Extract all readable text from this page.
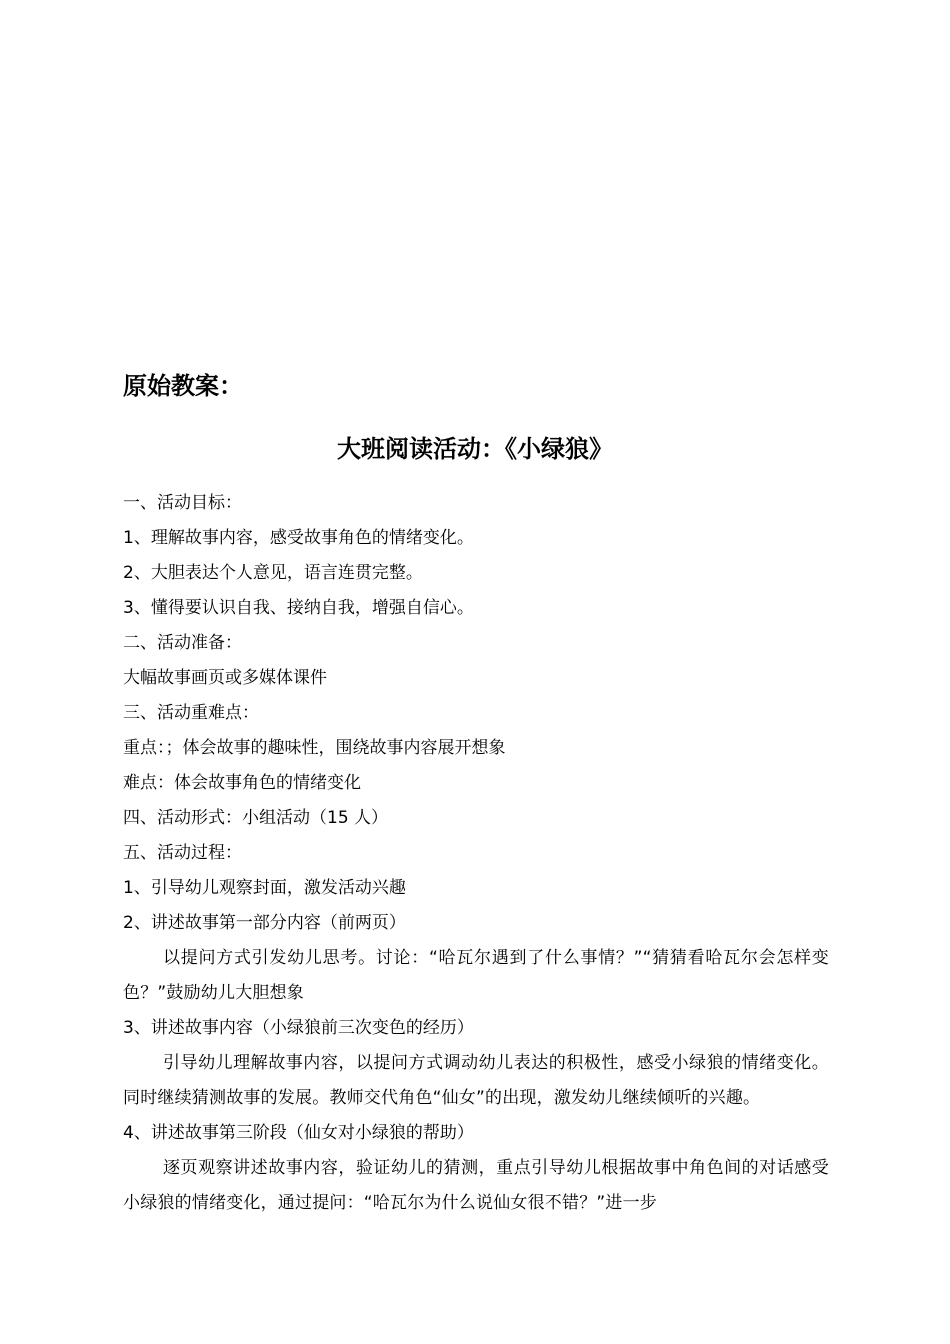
原始教案：

大班阅读活动：《小绿狼》

一、活动目标：

1、理解故事内容，感受故事角色的情绪变化。

2、大胆表达个人意见，语言连贯完整。

3、懂得要认识自我、接纳自我，增强自信心。

二、活动准备：

大幅故事画页或多媒体课件

三、活动重难点：

重点：；体会故事的趣味性，围绕故事内容展开想象

难点：体会故事角色的情绪变化

四、活动形式：小组活动（15 人）

五、活动过程：

1、引导幼儿观察封面，激发活动兴趣

2、讲述故事第一部分内容（前两页）

以提问方式引发幼儿思考。讨论：“哈瓦尔遇到了什么事情？”“猜猜看哈瓦尔会怎样变色？”鼓励幼儿大胆想象

3、讲述故事内容（小绿狼前三次变色的经历）

引导幼儿理解故事内容，以提问方式调动幼儿表达的积极性，感受小绿狼的情绪变化。同时继续猜测故事的发展。教师交代角色“仙女”的出现，激发幼儿继续倾听的兴趣。

4、讲述故事第三阶段（仙女对小绿狼的帮助）

逐页观察讲述故事内容，验证幼儿的猜测，重点引导幼儿根据故事中角色间的对话感受小绿狼的情绪变化，通过提问：“哈瓦尔为什么说仙女很不错？”进一步
